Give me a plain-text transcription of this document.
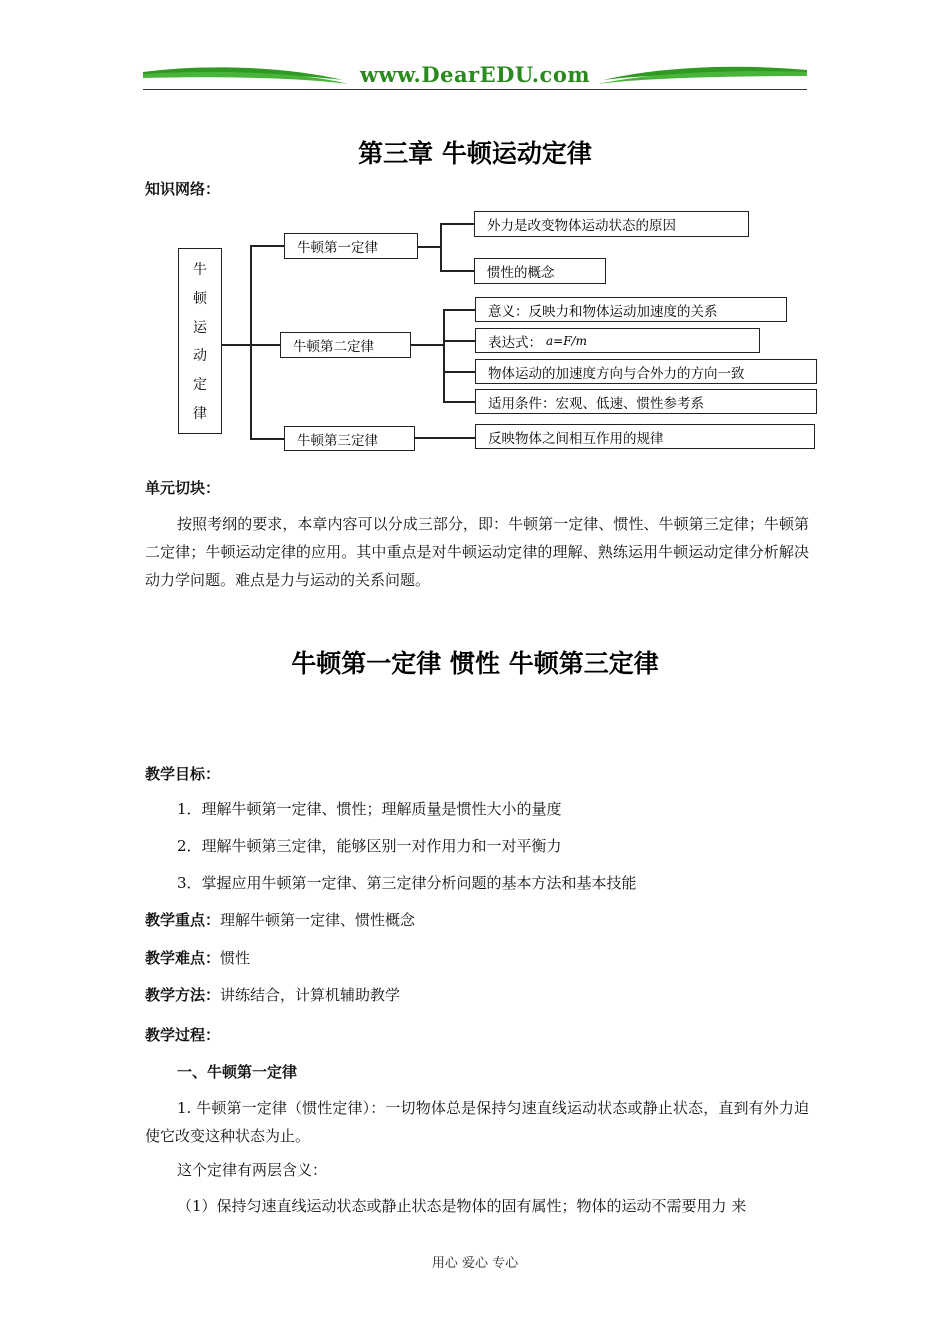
www.DearEDU.com
第三章 牛顿运动定律
知识网络：
牛
顿
运
动
定
律
牛顿第一定律
外力是改变物体运动状态的原因
惯性的概念
牛顿第二定律
意义：反映力和物体运动加速度的关系
表达式： a=F/m
物体运动的加速度方向与合外力的方向一致
适用条件：宏观、低速、惯性参考系
牛顿第三定律	反映物体之间相互作用的规律
单元切块：
按照考纲的要求，本章内容可以分成三部分，即：牛顿第一定律、惯性、牛顿第三定律；牛顿第二定律；牛顿运动定律的应用。其中重点是对牛顿运动定律的理解、熟练运用牛顿运动定律分析解决动力学问题。难点是力与运动的关系问题。
牛顿第一定律 惯性 牛顿第三定律
教学目标：
1．理解牛顿第一定律、惯性；理解质量是惯性大小的量度
2．理解牛顿第三定律，能够区别一对作用力和一对平衡力
3．掌握应用牛顿第一定律、第三定律分析问题的基本方法和基本技能
教学重点：理解牛顿第一定律、惯性概念
教学难点：惯性
教学方法：讲练结合，计算机辅助教学
教学过程：
一、牛顿第一定律
1. 牛顿第一定律（惯性定律）：一切物体总是保持匀速直线运动状态或静止状态，直到有外力迫使它改变这种状态为止。
这个定律有两层含义：
（1）保持匀速直线运动状态或静止状态是物体的固有属性；物体的运动不需要用力 来
用心 爱心 专心
